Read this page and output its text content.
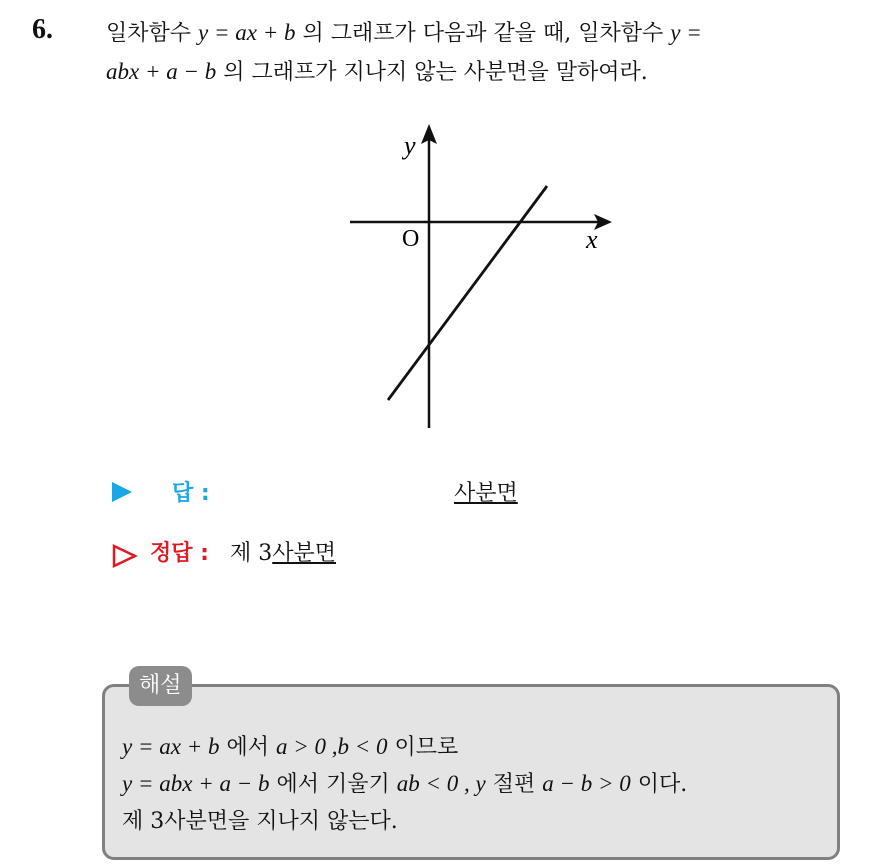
6. 일차함수 y = ax + b 의 그래프가 다음과 같을 때, 일차함수 y =
abx + a − b 의 그래프가 지나지 않는 사분면을 말하여라.
y
x
O
답 :	사분면
정답 : 제 3사분면
해설
y = ax + b 에서 a > 0 ,b < 0 이므로
y = abx + a − b 에서 기울기 ab < 0 , y 절편 a − b > 0 이다.
제 3사분면을 지나지 않는다.
